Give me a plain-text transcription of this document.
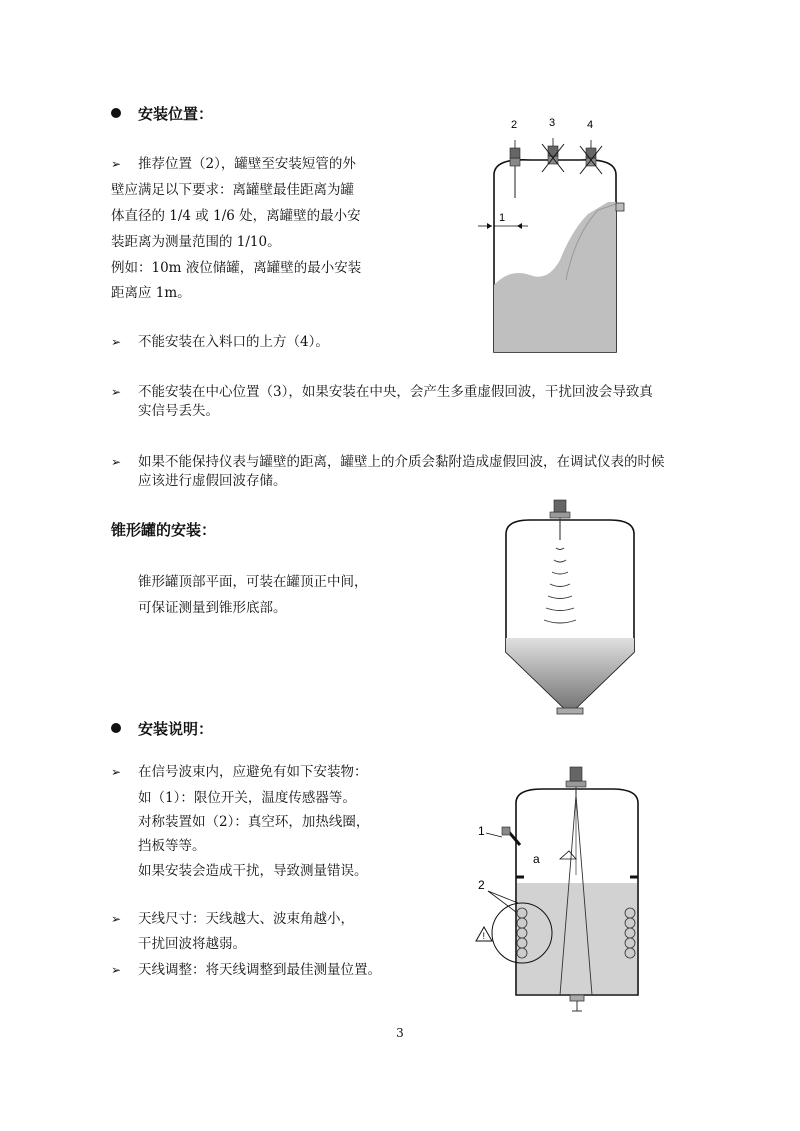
安装位置：
➢ 推荐位置（2），罐壁至安装短管的外

壁应满足以下要求：离罐壁最佳距离为罐

体直径的 1/4 或 1/6 处，离罐壁的最小安

装距离为测量范围的 1/10。

例如：10m 液位储罐，离罐壁的最小安装

距离应 1m。

➢ 不能安装在入料口的上方（4）。

➢ 不能安装在中心位置（3），如果安装在中央，会产生多重虚假回波，干扰回波会导致真

实信号丢失。

➢ 如果不能保持仪表与罐壁的距离，罐壁上的介质会黏附造成虚假回波，在调试仪表的时候

应该进行虚假回波存储。

2	3	4
1
锥形罐的安装：

锥形罐顶部平面，可装在罐顶正中间，

可保证测量到锥形底部。

安装说明：
➢ 在信号波束内，应避免有如下安装物：

如（1）：限位开关，温度传感器等。

对称装置如（2）：真空环，加热线圈，

挡板等等。

如果安装会造成干扰，导致测量错误。

➢ 天线尺寸：天线越大、波束角越小，

干扰回波将越弱。

➢ 天线调整：将天线调整到最佳测量位置。

a
1
2
!
3
